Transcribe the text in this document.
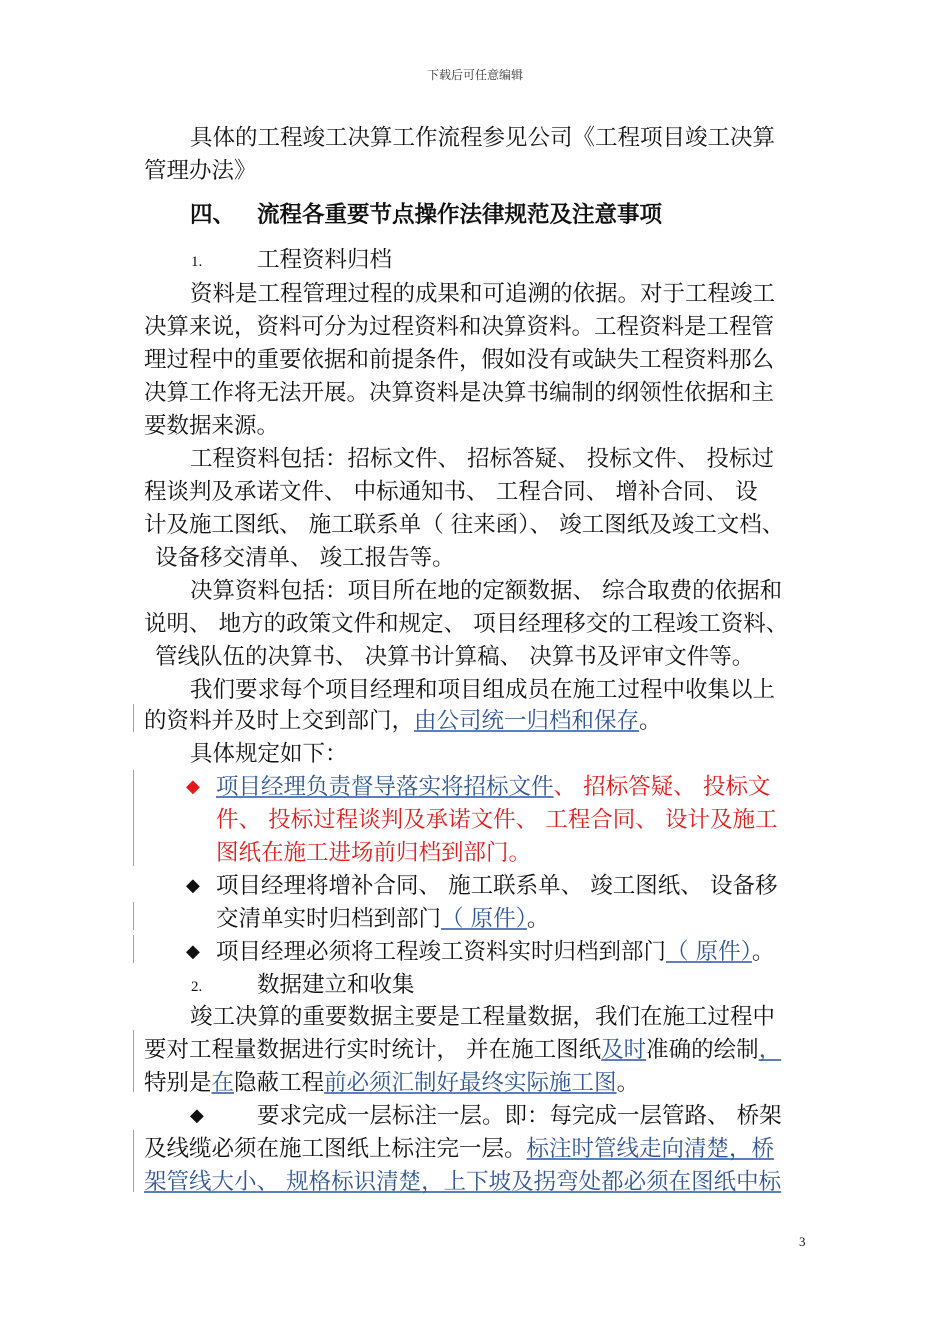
下载后可任意编辑
具体的工程竣工决算工作流程参见公司《工程项目竣工决算
管理办法》
四、 流程各重要节点操作法律规范及注意事项
1. 工程资料归档
资料是工程管理过程的成果和可追溯的依据。对于工程竣工
决算来说，资料可分为过程资料和决算资料。工程资料是工程管
理过程中的重要依据和前提条件，假如没有或缺失工程资料那么
决算工作将无法开展。决算资料是决算书编制的纲领性依据和主
要数据来源。
工程资料包括：招标文件、 招标答疑、 投标文件、 投标过
程谈判及承诺文件、 中标通知书、 工程合同、 增补合同、 设
计及施工图纸、 施工联系单（ 往来函）、 竣工图纸及竣工文档、
设备移交清单、 竣工报告等。
决算资料包括：项目所在地的定额数据、 综合取费的依据和
说明、 地方的政策文件和规定、 项目经理移交的工程竣工资料、
管线队伍的决算书、 决算书计算稿、 决算书及评审文件等。
我们要求每个项目经理和项目组成员在施工过程中收集以上
的资料并及时上交到部门，由公司统一归档和保存。
具体规定如下：
◆ 项目经理负责督导落实将招标文件、 招标答疑、 投标文
件、 投标过程谈判及承诺文件、 工程合同、 设计及施工
图纸在施工进场前归档到部门。
◆ 项目经理将增补合同、 施工联系单、 竣工图纸、 设备移
交清单实时归档到部门（ 原件）。
◆ 项目经理必须将工程竣工资料实时归档到部门（ 原件）。
2. 数据建立和收集
竣工决算的重要数据主要是工程量数据，我们在施工过程中
要对工程量数据进行实时统计， 并在施工图纸及时准确的绘制，
特别是在隐蔽工程前必须汇制好最终实际施工图。
◆ 要求完成一层标注一层。即：每完成一层管路、 桥架
及线缆必须在施工图纸上标注完一层。标注时管线走向清楚，桥
架管线大小、 规格标识清楚，上下坡及拐弯处都必须在图纸中标
3
